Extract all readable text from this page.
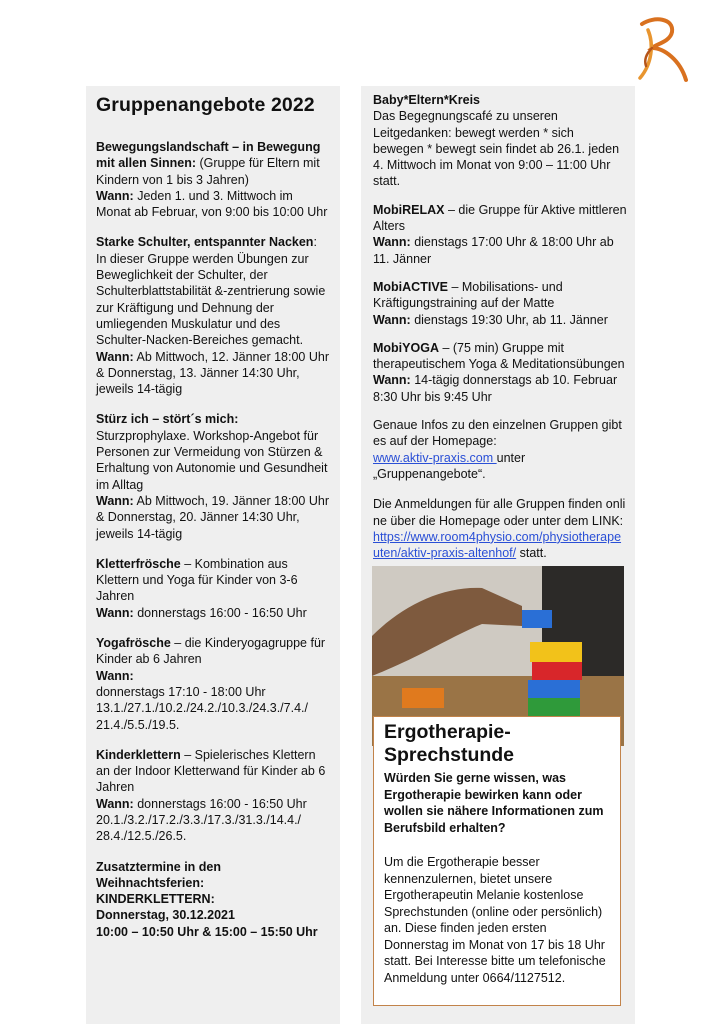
Gruppenangebote 2022
Bewegungslandschaft – in Bewegung mit allen Sinnen: (Gruppe für Eltern mit Kindern von 1 bis 3 Jahren)
Wann: Jeden 1. und 3. Mittwoch im Monat ab Februar, von 9:00 bis 10:00 Uhr
Starke Schulter, entspannter Nacken: In dieser Gruppe werden Übungen zur Beweglichkeit der Schulter, der Schulterblattstabilität &-zentrierung sowie zur Kräftigung und Dehnung der umliegenden Muskulatur und des Schulter-Nacken-Bereiches gemacht.
Wann: Ab Mittwoch, 12. Jänner 18:00 Uhr & Donnerstag, 13. Jänner 14:30 Uhr, jeweils 14-tägig
Stürz ich – stört´s mich: Sturzprophylaxe. Workshop-Angebot für Personen zur Vermeidung von Stürzen & Erhaltung von Autonomie und Gesundheit im Alltag
Wann: Ab Mittwoch, 19. Jänner 18:00 Uhr & Donnerstag, 20. Jänner 14:30 Uhr, jeweils 14-tägig
Kletterfrösche – Kombination aus Klettern und Yoga für Kinder von 3-6 Jahren
Wann: donnerstags 16:00 - 16:50 Uhr
Yogafrösche – die Kinderyogagruppe für Kinder ab 6 Jahren
Wann:
donnerstags 17:10 - 18:00 Uhr 13.1./27.1./10.2./24.2./10.3./24.3./7.4./ 21.4./5.5./19.5.
Kinderklettern – Spielerisches Klettern an der Indoor Kletterwand für Kinder ab 6 Jahren
Wann: donnerstags 16:00 - 16:50 Uhr 20.1./3.2./17.2./3.3./17.3./31.3./14.4./ 28.4./12.5./26.5.
Zusatztermine in den Weihnachtsferien:
KINDERKLETTERN:
Donnerstag, 30.12.2021
10:00 – 10:50 Uhr & 15:00 – 15:50 Uhr
Baby*Eltern*Kreis
Das Begegnungscafé zu unseren Leitgedanken: bewegt werden * sich bewegen * bewegt sein findet ab 26.1. jeden 4. Mittwoch im Monat von 9:00 – 11:00 Uhr statt.
MobiRELAX – die Gruppe für Aktive mittleren Alters
Wann: dienstags 17:00 Uhr & 18:00 Uhr ab 11. Jänner
MobiACTIVE – Mobilisations- und Kräftigungstraining auf der Matte
Wann: dienstags 19:30 Uhr, ab 11. Jänner
MobiYOGA – (75 min) Gruppe mit therapeutischem Yoga & Meditationsübungen
Wann: 14-tägig donnerstags ab 10. Februar 8:30 Uhr bis 9:45 Uhr
Genaue Infos zu den einzelnen Gruppen gibt es auf der Homepage:
www.aktiv-praxis.com unter „Gruppenangebote“.
Die Anmeldungen für alle Gruppen finden online über die Homepage oder unter dem LINK:
https://www.room4physio.com/physiotherapeuten/aktiv-praxis-altenhof/ statt.
Ergotherapie-
Sprechstunde

Würden Sie gerne wissen, was Ergotherapie bewirken kann oder wollen sie nähere Informationen zum Berufsbild erhalten?

Um die Ergotherapie besser kennenzulernen, bietet unsere Ergotherapeutin Melanie kostenlose Sprechstunden (online oder persönlich) an. Diese finden jeden ersten Donnerstag im Monat von 17 bis 18 Uhr statt. Bei Interesse bitte um telefonische Anmeldung unter 0664/1127512.
